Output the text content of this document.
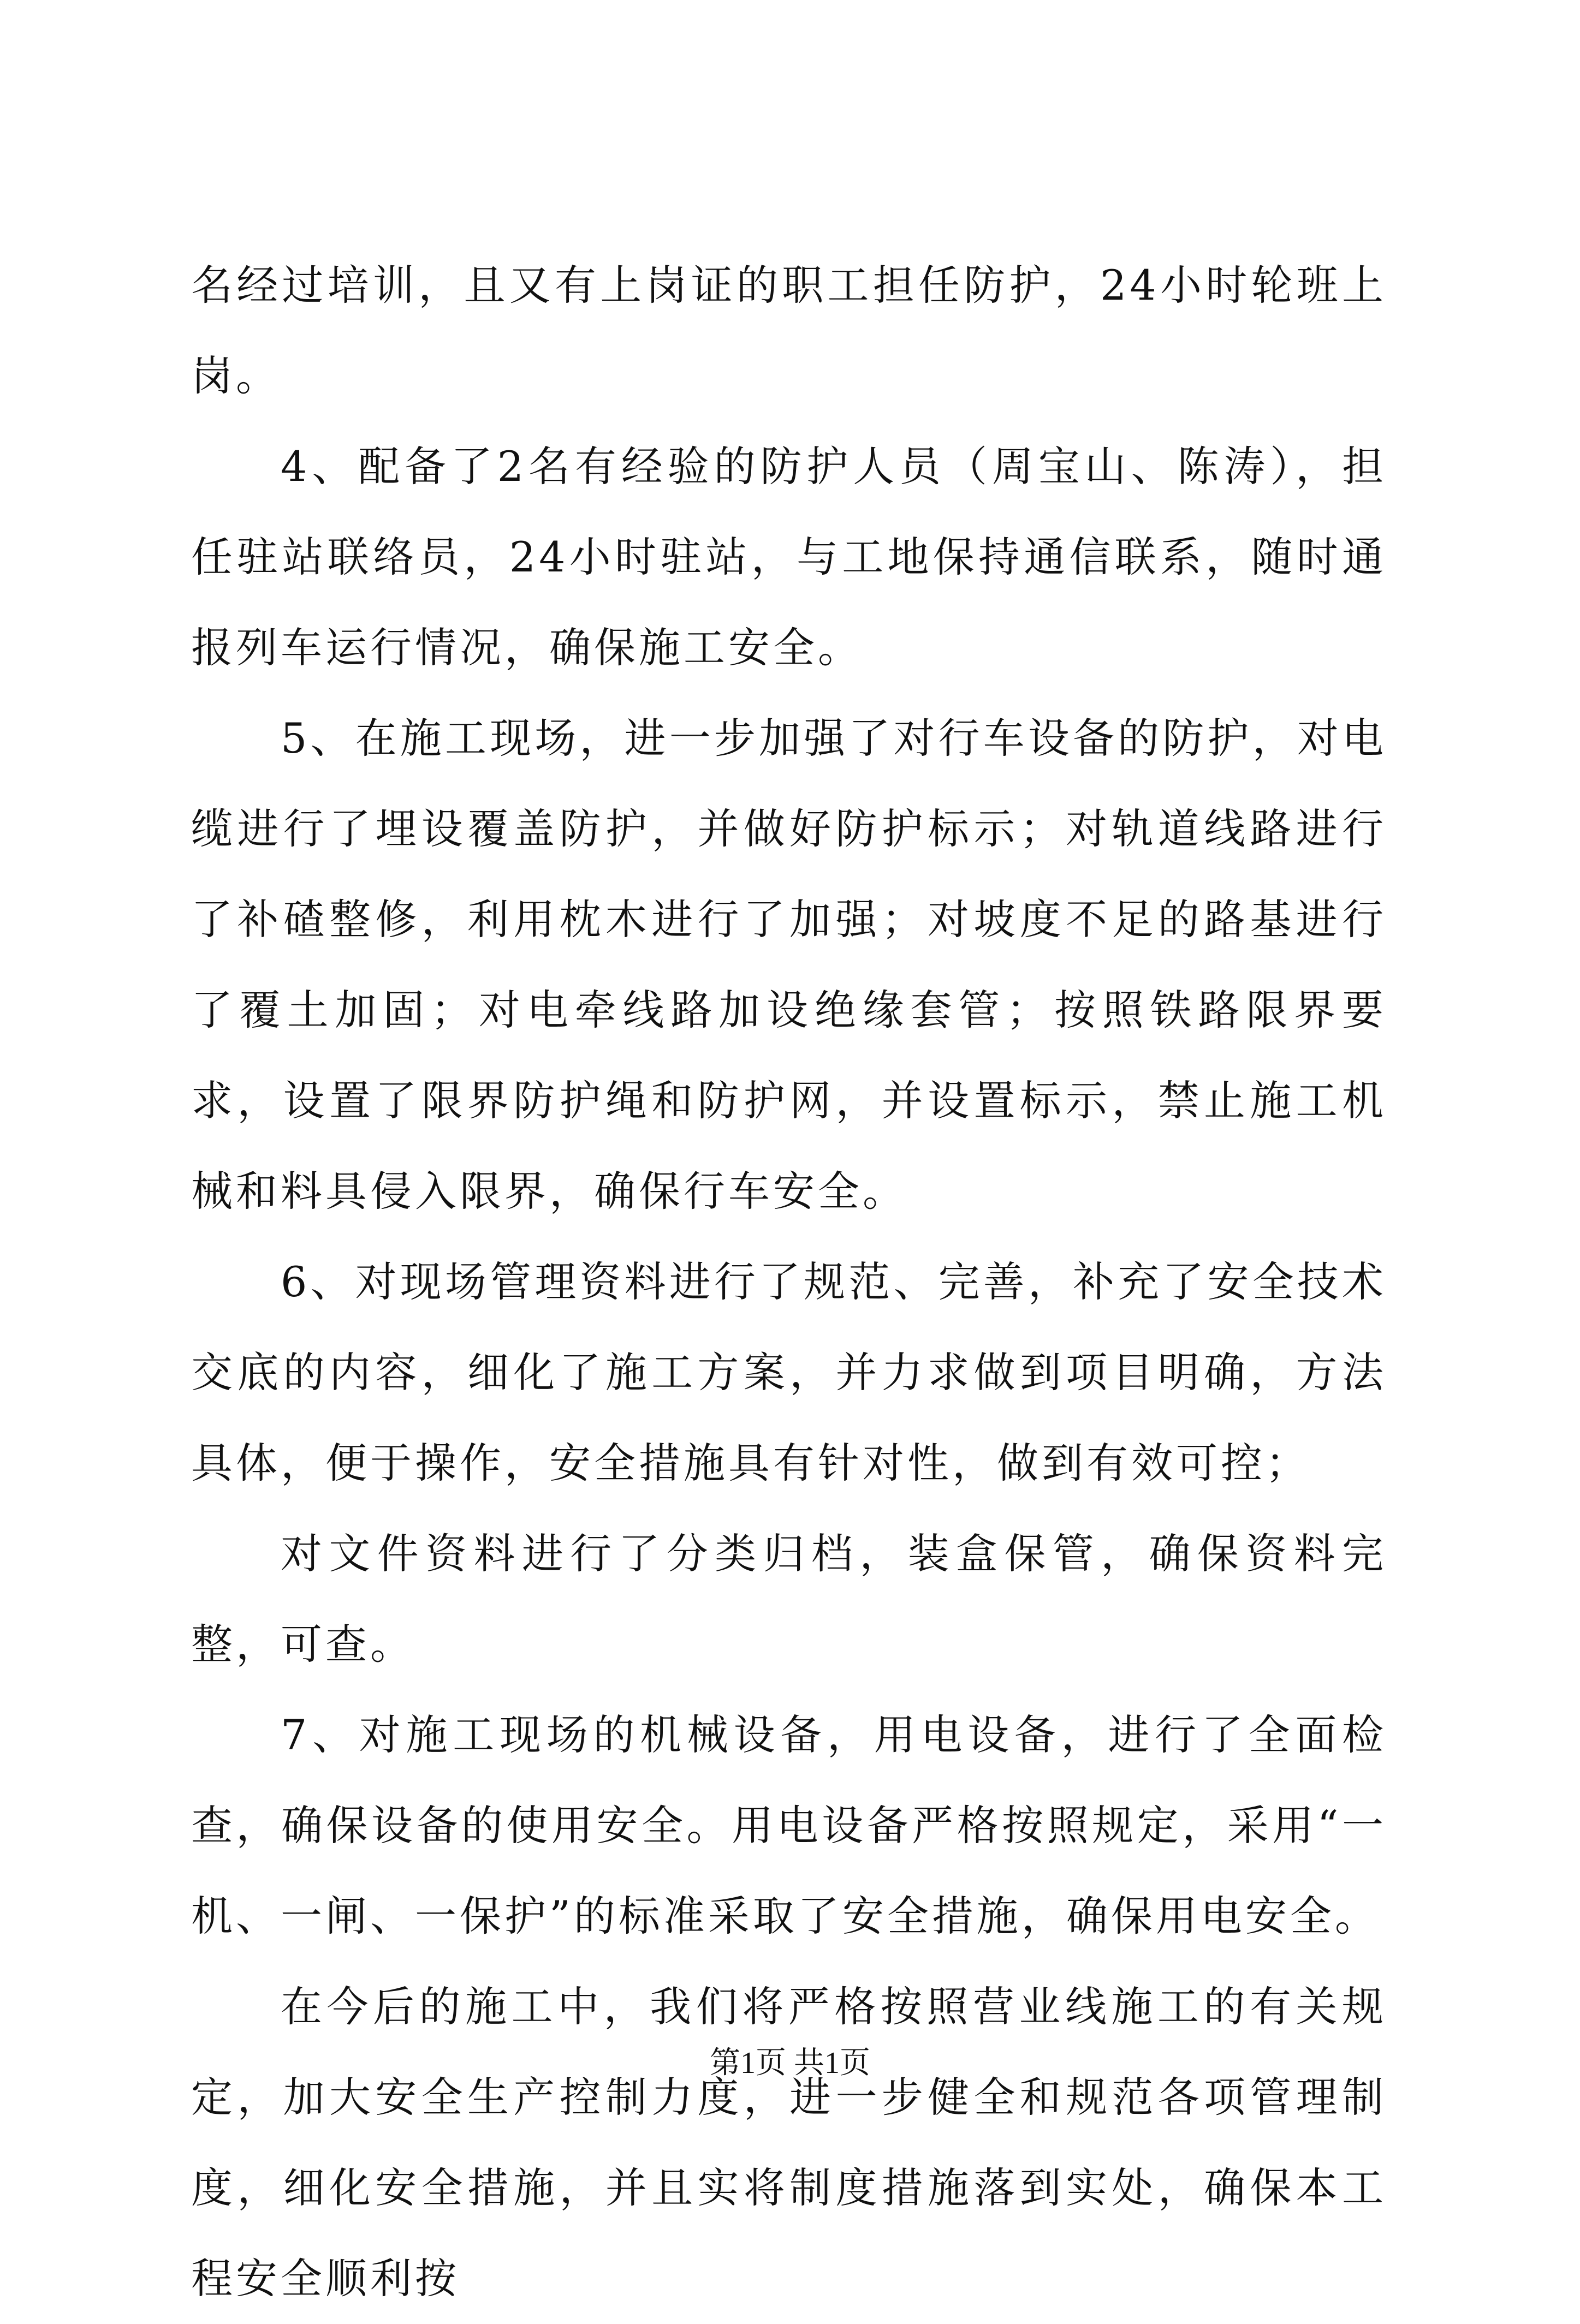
名经过培训，且又有上岗证的职工担任防护，24小时轮班上岗。

4、配备了2名有经验的防护人员（周宝山、陈涛），担任驻站联络员，24小时驻站，与工地保持通信联系，随时通报列车运行情况，确保施工安全。

5、在施工现场，进一步加强了对行车设备的防护，对电缆进行了埋设覆盖防护，并做好防护标示；对轨道线路进行了补碴整修，利用枕木进行了加强；对坡度不足的路基进行了覆土加固；对电牵线路加设绝缘套管；按照铁路限界要求，设置了限界防护绳和防护网，并设置标示，禁止施工机械和料具侵入限界，确保行车安全。

6、对现场管理资料进行了规范、完善，补充了安全技术交底的内容，细化了施工方案，并力求做到项目明确，方法具体，便于操作，安全措施具有针对性，做到有效可控；

对文件资料进行了分类归档，装盒保管，确保资料完整，可查。

7、对施工现场的机械设备，用电设备，进行了全面检查，确保设备的使用安全。用电设备严格按照规定，采用“一机、一闸、一保护”的标准采取了安全措施，确保用电安全。

在今后的施工中，我们将严格按照营业线施工的有关规定，加大安全生产控制力度，进一步健全和规范各项管理制度，细化安全措施，并且实将制度措施落到实处，确保本工程安全顺利按

第1页 共1页
